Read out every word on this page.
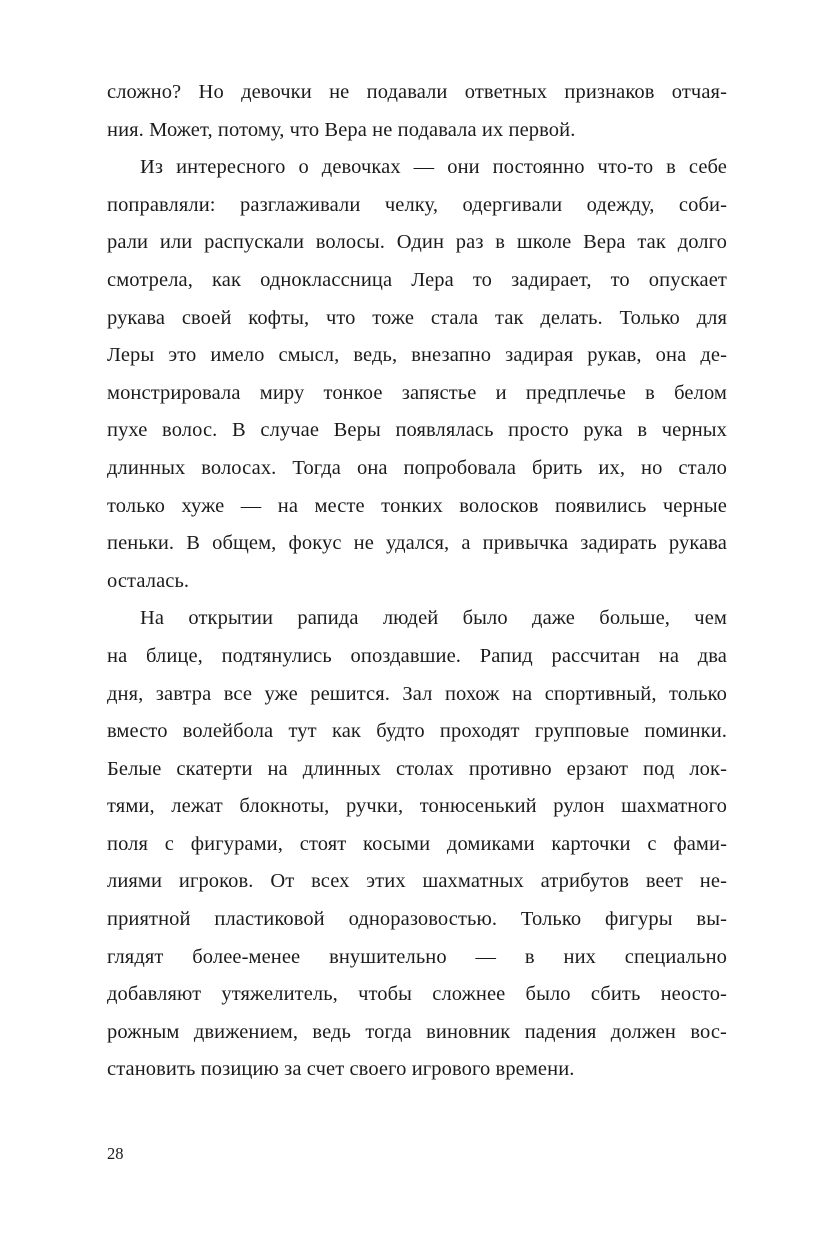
сложно? Но девочки не подавали ответных признаков отчая-
ния. Может, потому, что Вера не подавала их первой.
Из интересного о девочках — они постоянно что-то в себе
поправляли: разглаживали челку, одергивали одежду, соби-
рали или распускали волосы. Один раз в школе Вера так долго
смотрела, как одноклассница Лера то задирает, то опускает
рукава своей кофты, что тоже стала так делать. Только для
Леры это имело смысл, ведь, внезапно задирая рукав, она де-
монстрировала миру тонкое запястье и предплечье в белом
пухе волос. В случае Веры появлялась просто рука в черных
длинных волосах. Тогда она попробовала брить их, но стало
только хуже — на месте тонких волосков появились черные
пеньки. В общем, фокус не удался, а привычка задирать рукава
осталась.
На открытии рапида людей было даже больше, чем
на блице, подтянулись опоздавшие. Рапид рассчитан на два
дня, завтра все уже решится. Зал похож на спортивный, только
вместо волейбола тут как будто проходят групповые поминки.
Белые скатерти на длинных столах противно ерзают под лок-
тями, лежат блокноты, ручки, тонюсенький рулон шахматного
поля с фигурами, стоят косыми домиками карточки с фами-
лиями игроков. От всех этих шахматных атрибутов веет не-
приятной пластиковой одноразовостью. Только фигуры вы-
глядят более-менее внушительно — в них специально
добавляют утяжелитель, чтобы сложнее было сбить неосто-
рожным движением, ведь тогда виновник падения должен вос-
становить позицию за счет своего игрового времени.
28
